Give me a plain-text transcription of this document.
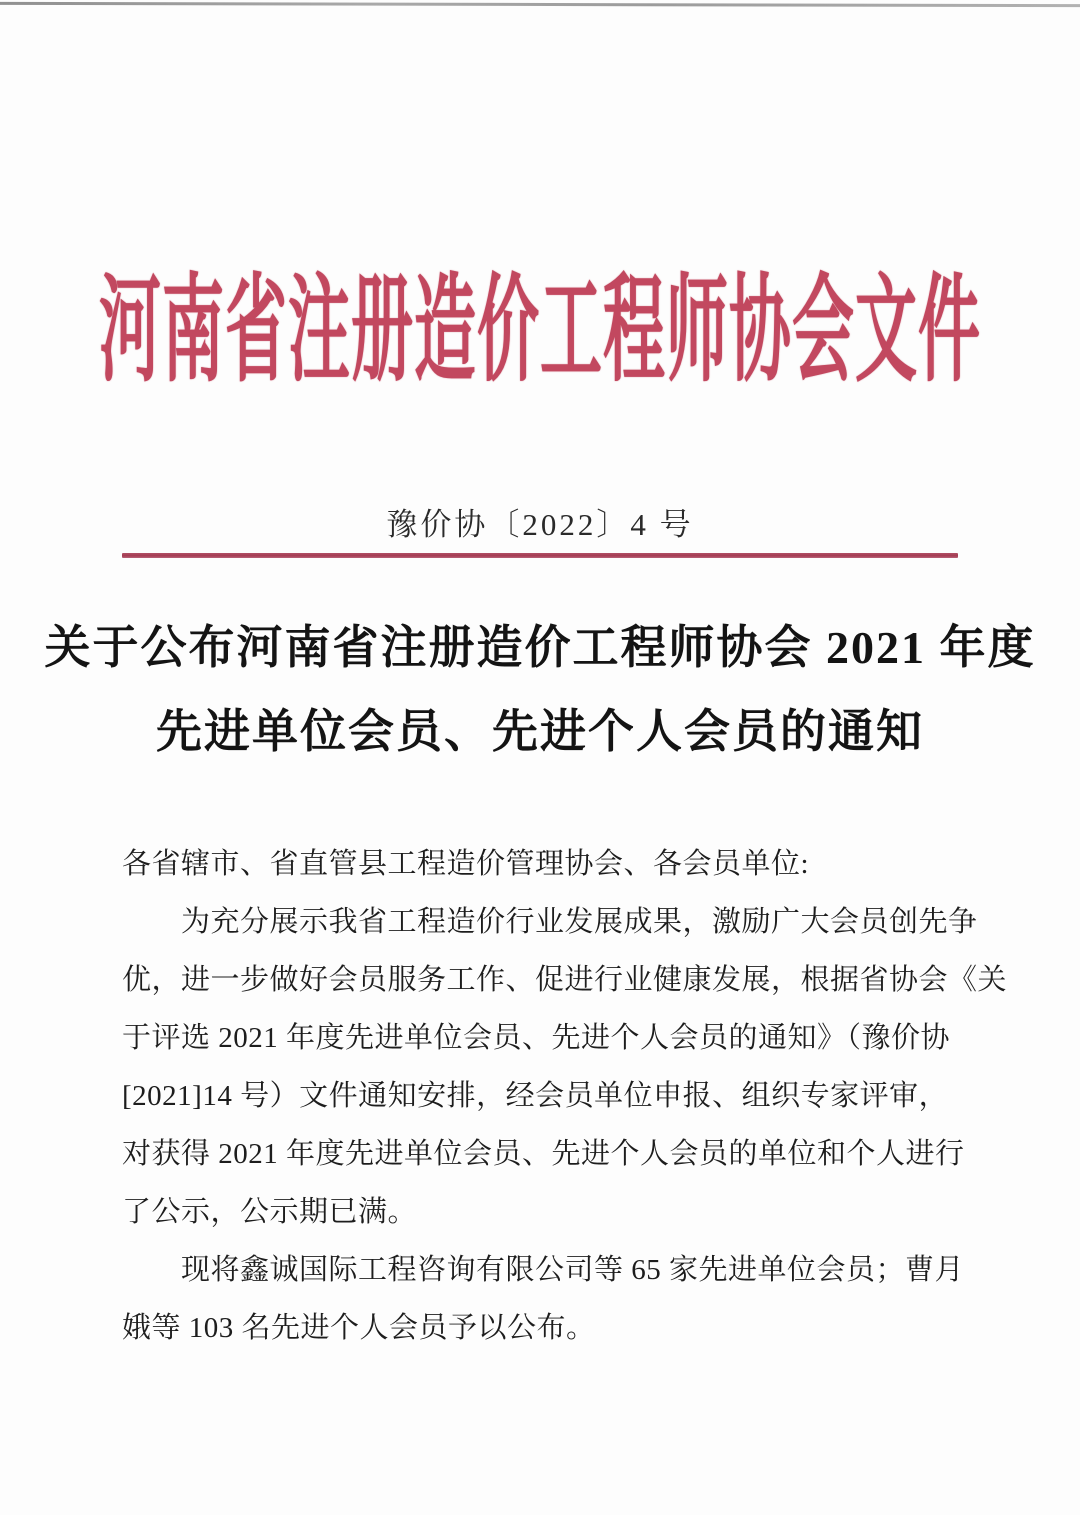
河南省注册造价工程师协会文件
豫价协〔2022〕4 号
关于公布河南省注册造价工程师协会 2021 年度
先进单位会员、先进个人会员的通知
各省辖市、省直管县工程造价管理协会、各会员单位:
　　为充分展示我省工程造价行业发展成果，激励广大会员创先争
优，进一步做好会员服务工作、促进行业健康发展，根据省协会《关
于评选 2021 年度先进单位会员、先进个人会员的通知》（豫价协
[2021]14 号）文件通知安排，经会员单位申报、组织专家评审，
对获得 2021 年度先进单位会员、先进个人会员的单位和个人进行
了公示，公示期已满。
　　现将鑫诚国际工程咨询有限公司等 65 家先进单位会员；曹月
娥等 103 名先进个人会员予以公布。
